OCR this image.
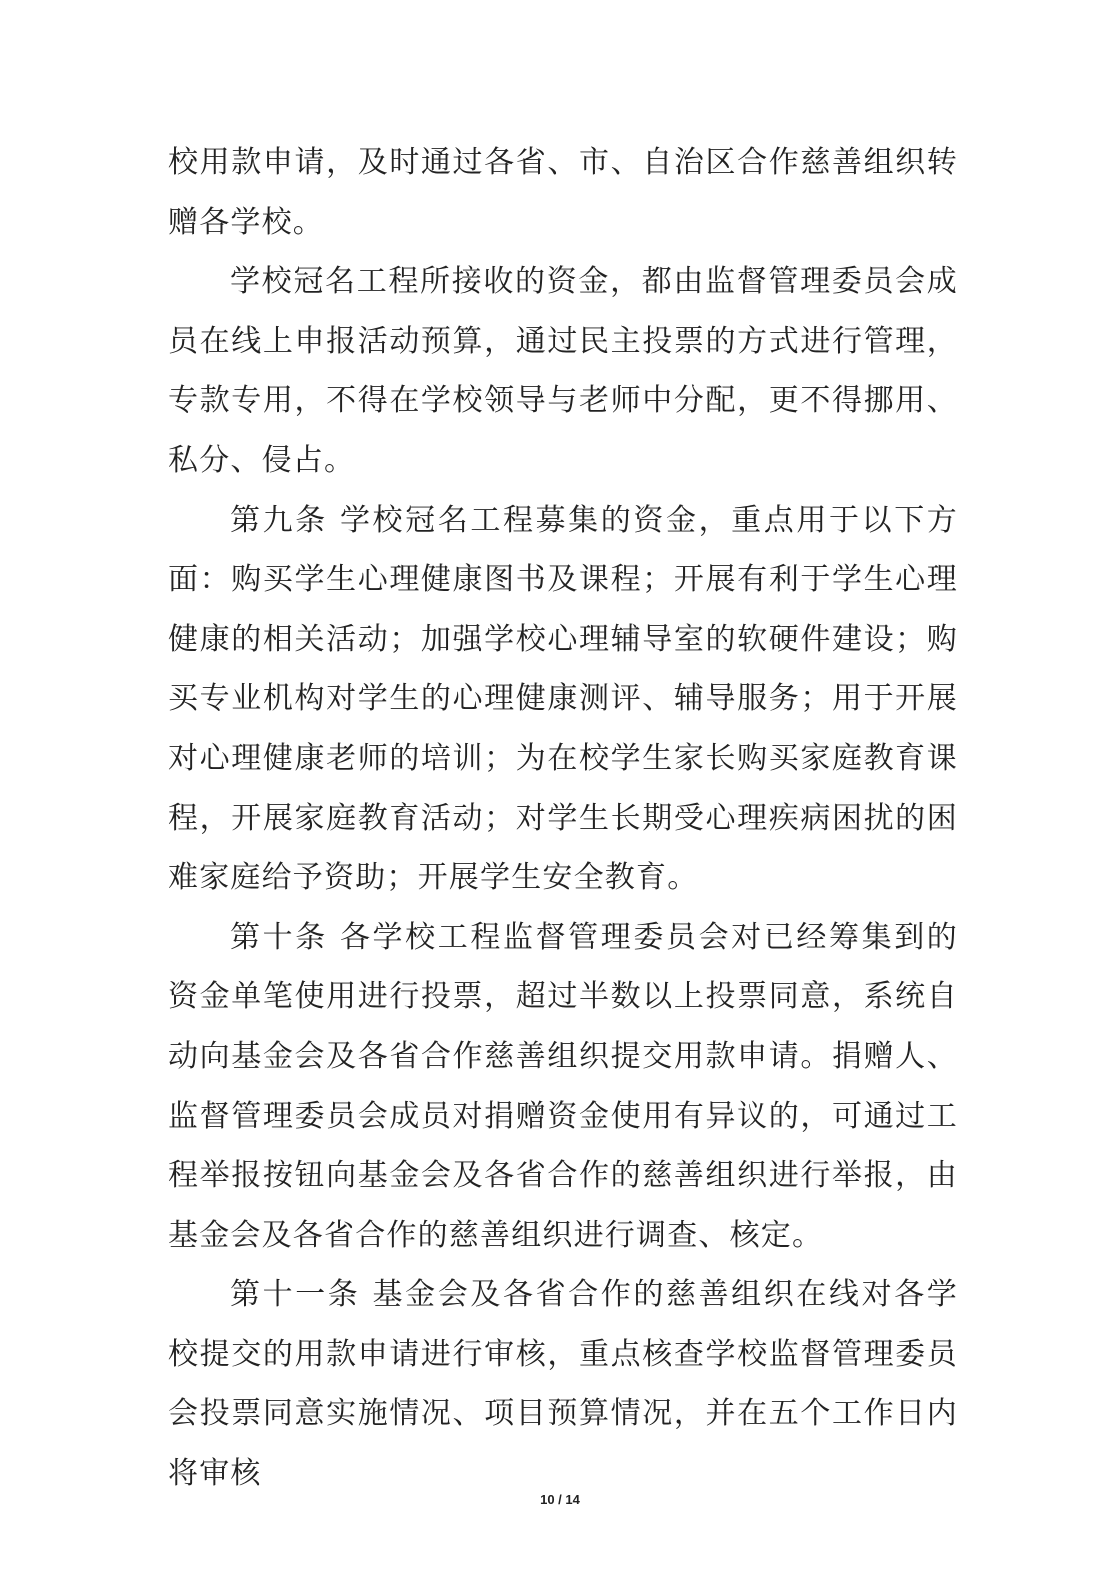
校用款申请，及时通过各省、市、自治区合作慈善组织转赠各学校。

学校冠名工程所接收的资金，都由监督管理委员会成员在线上申报活动预算，通过民主投票的方式进行管理，专款专用，不得在学校领导与老师中分配，更不得挪用、私分、侵占。

第九条 学校冠名工程募集的资金，重点用于以下方面：购买学生心理健康图书及课程；开展有利于学生心理健康的相关活动；加强学校心理辅导室的软硬件建设；购买专业机构对学生的心理健康测评、辅导服务；用于开展对心理健康老师的培训；为在校学生家长购买家庭教育课程，开展家庭教育活动；对学生长期受心理疾病困扰的困难家庭给予资助；开展学生安全教育。

第十条 各学校工程监督管理委员会对已经筹集到的资金单笔使用进行投票，超过半数以上投票同意，系统自动向基金会及各省合作慈善组织提交用款申请。捐赠人、监督管理委员会成员对捐赠资金使用有异议的，可通过工程举报按钮向基金会及各省合作的慈善组织进行举报，由基金会及各省合作的慈善组织进行调查、核定。

第十一条 基金会及各省合作的慈善组织在线对各学校提交的用款申请进行审核，重点核查学校监督管理委员会投票同意实施情况、项目预算情况，并在五个工作日内将审核

10 / 14
